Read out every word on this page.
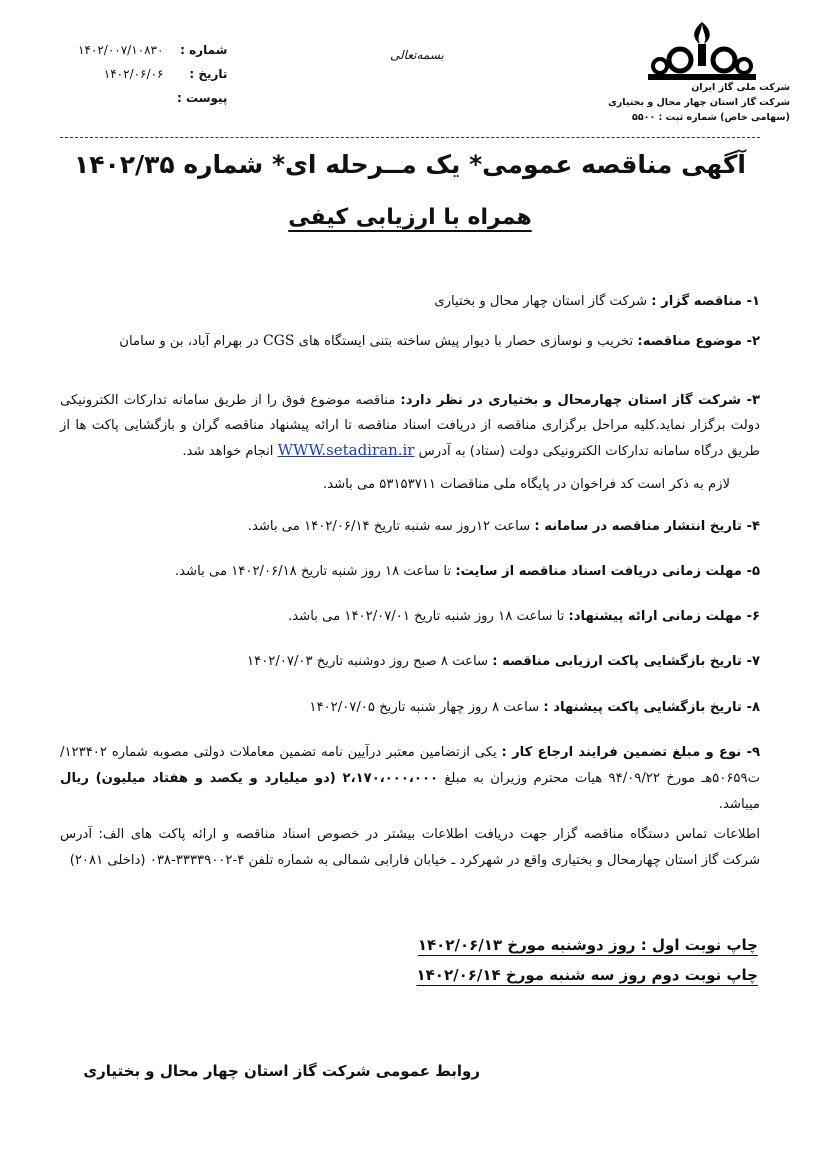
شرکت ملی گاز ایران
شرکت گاز استان چهار محال و بختیاری
(سهامی خاص) شماره ثبت : ۵۵۰۰
بسمه‌تعالی
شماره :
۱۴۰۲/۰۰۷/۱۰۸۳۰
تاریخ :
۱۴۰۲/۰۶/۰۶
پیوست :
آگهی مناقصه عمومی* یک مــرحله ای* شماره ۱۴۰۲/۳۵
همراه با ارزیابی کیفی
۱- مناقصه گزار : شرکت گاز استان چهار محال و بختیاری
۲- موضوع مناقصه: تخریب و نوسازی حصار با دیوار پیش ساخته بتنی ایستگاه های CGS در بهرام آباد، بن و سامان
۳- شرکت گاز استان چهارمحال و بختیاری در نظر دارد: مناقصه موضوع فوق را از طریق سامانه تدارکات الکترونیکی دولت برگزار نماید.کلیه مراحل برگزاری مناقصه از دریافت اسناد مناقصه تا ارائه پیشنهاد مناقصه گران و بازگشایی پاکت ها از طریق درگاه سامانه تدارکات الکترونیکی دولت (ستاد) به آدرس WWW.setadiran.ir انجام خواهد شد.
لازم به ذکر است کد فراخوان در پایگاه ملی مناقصات ۵۳۱۵۳۷۱۱ می باشد.
۴- تاریخ انتشار مناقصه در سامانه : ساعت ۱۲روز سه شنبه تاریخ ۱۴۰۲/۰۶/۱۴ می باشد.
۵- مهلت زمانی دریافت اسناد مناقصه از سایت: تا ساعت ۱۸ روز شنبه تاریخ ۱۴۰۲/۰۶/۱۸ می باشد.
۶- مهلت زمانی ارائه پیشنهاد: تا ساعت ۱۸ روز شنبه تاریخ ۱۴۰۲/۰۷/۰۱ می باشد.
۷- تاریخ بازگشایی پاکت ارزیابی مناقصه : ساعت ۸ صبح روز دوشنبه تاریخ ۱۴۰۲/۰۷/۰۳
۸- تاریخ بازگشایی پاکت پیشنهاد : ساعت ۸ روز چهار شنبه تاریخ ۱۴۰۲/۰۷/۰۵
۹- نوع و مبلغ تضمین فرایند ارجاع کار : یکی ازتضامین معتبر درآیین نامه تضمین معاملات دولتی مصوبه شماره ۱۲۳۴۰۲/ت۵۰۶۵۹هـ مورخ ۹۴/۰۹/۲۲ هیات محترم وزیران به مبلغ ۲،۱۷۰،۰۰۰،۰۰۰ (دو میلیارد و یکصد و هفتاد میلیون) ریال میباشد.
اطلاعات تماس دستگاه مناقصه گزار جهت دریافت اطلاعات بیشتر در خصوص اسناد مناقصه و ارائه پاکت های الف: آدرس شرکت گاز استان چهارمحال و بختیاری واقع در شهرکرد ـ خیابان فارابی شمالی به شماره تلفن ۴-۳۳۳۳۹۰۰۲-۰۳۸ (داخلی ۲۰۸۱)
چاپ نوبت اول : روز دوشنبه مورخ ۱۴۰۲/۰۶/۱۳
چاپ نوبت دوم روز سه شنبه مورخ ۱۴۰۲/۰۶/۱۴
روابط عمومی شرکت گاز استان چهار محال و بختیاری
